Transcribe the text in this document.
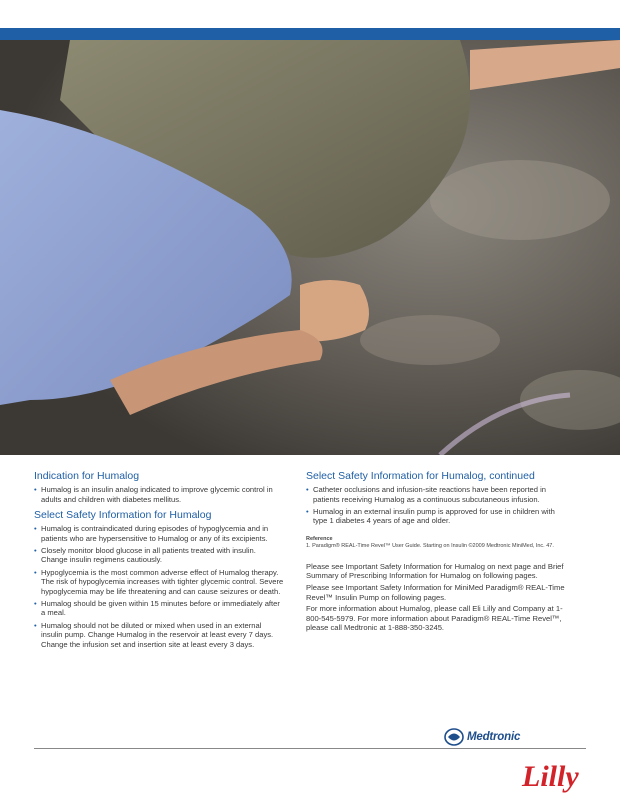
Indication for Humalog
• Humalog is an insulin analog indicated to improve glycemic control in adults and children with diabetes mellitus.
Select Safety Information for Humalog
• Humalog is contraindicated during episodes of hypoglycemia and in patients who are hypersensitive to Humalog or any of its excipients.
• Closely monitor blood glucose in all patients treated with insulin. Change insulin regimens cautiously.
• Hypoglycemia is the most common adverse effect of Humalog therapy. The risk of hypoglycemia increases with tighter glycemic control. Severe hypoglycemia may be life threatening and can cause seizures or death.
• Humalog should be given within 15 minutes before or immediately after a meal.
• Humalog should not be diluted or mixed when used in an external insulin pump. Change Humalog in the reservoir at least every 7 days. Change the infusion set and insertion site at least every 3 days.
Select Safety Information for Humalog, continued
• Catheter occlusions and infusion-site reactions have been reported in patients receiving Humalog as a continuous subcutaneous infusion.
• Humalog in an external insulin pump is approved for use in children with type 1 diabetes 4 years of age and older.
Reference
1. Paradigm® REAL-Time Revel™ User Guide. Starting on Insulin ©2009 Medtronic MiniMed, Inc. 47.
Please see Important Safety Information for Humalog on next page and Brief Summary of Prescribing Information for Humalog on following pages.
Please see Important Safety Information for MiniMed Paradigm® REAL-Time Revel™ Insulin Pump on following pages.
For more information about Humalog, please call Eli Lilly and Company at 1-800-545-5979. For more information about Paradigm® REAL-Time Revel™, please call Medtronic at 1-888-350-3245.
Medtronic
Lilly
